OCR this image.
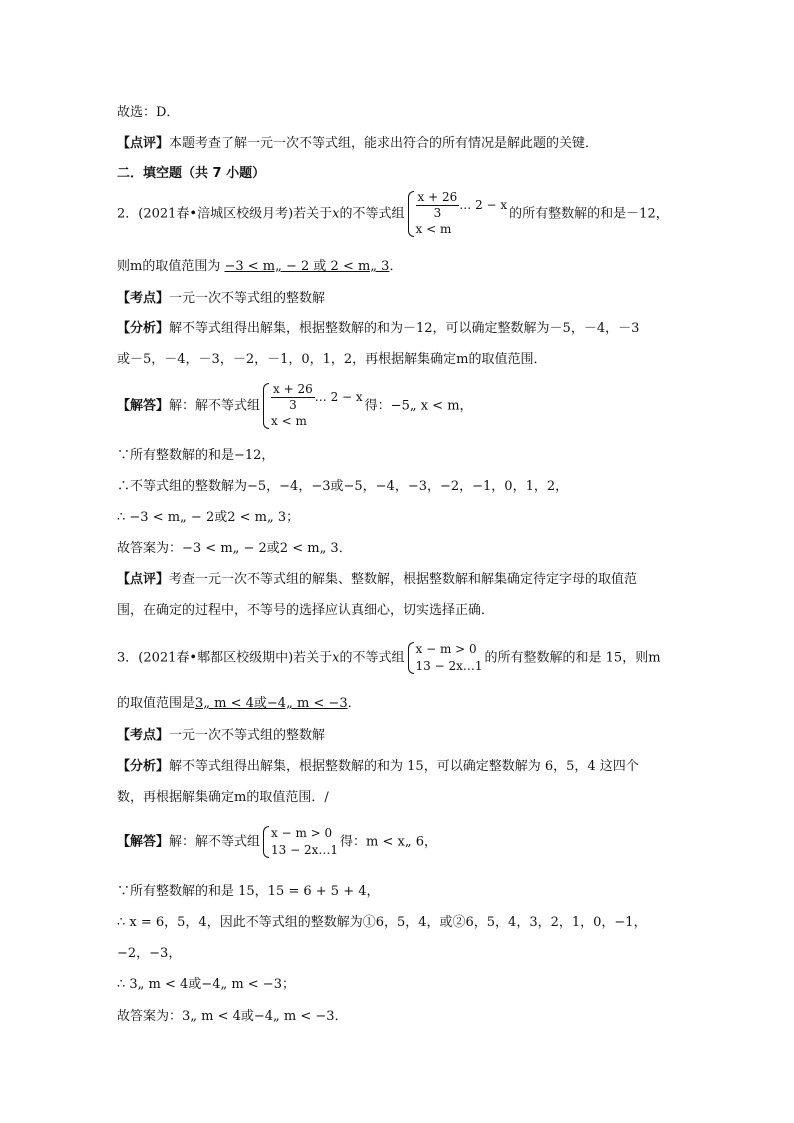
故选：D．
【点评】本题考查了解一元一次不等式组，能求出符合的所有情况是解此题的关键．
二．填空题（共 7 小题）
2．(2021春•涪城区校级月考)若关于x的不等式组 $\frac{x + 26}{3}$ … 2 − x
x < m
的所有整数解的和是－12，
则m的取值范围为 −3 < m„ − 2 或 2 < m„ 3．
【考点】一元一次不等式组的整数解
【分析】解不等式组得出解集，根据整数解的和为－12，可以确定整数解为－5，－4，－3
或－5，－4，－3，－2，－1，0，1，2，再根据解集确定m的取值范围．
【解答】解：解不等式组 $\frac{x + 26}{3}$ … 2 − x
x < m
得：−5„ x < m，
∵所有整数解的和是−12，
∴不等式组的整数解为−5，−4，−3或−5，−4，−3，−2，−1，0，1，2，
∴ −3 < m„ − 2或2 < m„ 3；
故答案为：−3 < m„ − 2或2 < m„ 3．
【点评】考查一元一次不等式组的解集、整数解，根据整数解和解集确定待定字母的取值范
围，在确定的过程中，不等号的选择应认真细心，切实选择正确．
3．(2021春•郫都区校级期中)若关于x的不等式组
x − m > 0
13 − 2x…1
的所有整数解的和是 15，则m
的取值范围是3„ m < 4或−4„ m < −3．
【考点】一元一次不等式组的整数解
【分析】解不等式组得出解集，根据整数解的和为 15，可以确定整数解为 6，5，4 这四个
数，再根据解集确定m的取值范围．/
【解答】解：解不等式组
x − m > 0
13 − 2x…1
得：m < x„ 6，
∵所有整数解的和是 15，15 = 6 + 5 + 4，
∴ x = 6，5，4，因此不等式组的整数解为①6，5，4，或②6，5，4，3，2，1，0，−1，
−2，−3，
∴ 3„ m < 4或−4„ m < −3；
故答案为：3„ m < 4或−4„ m < −3．
